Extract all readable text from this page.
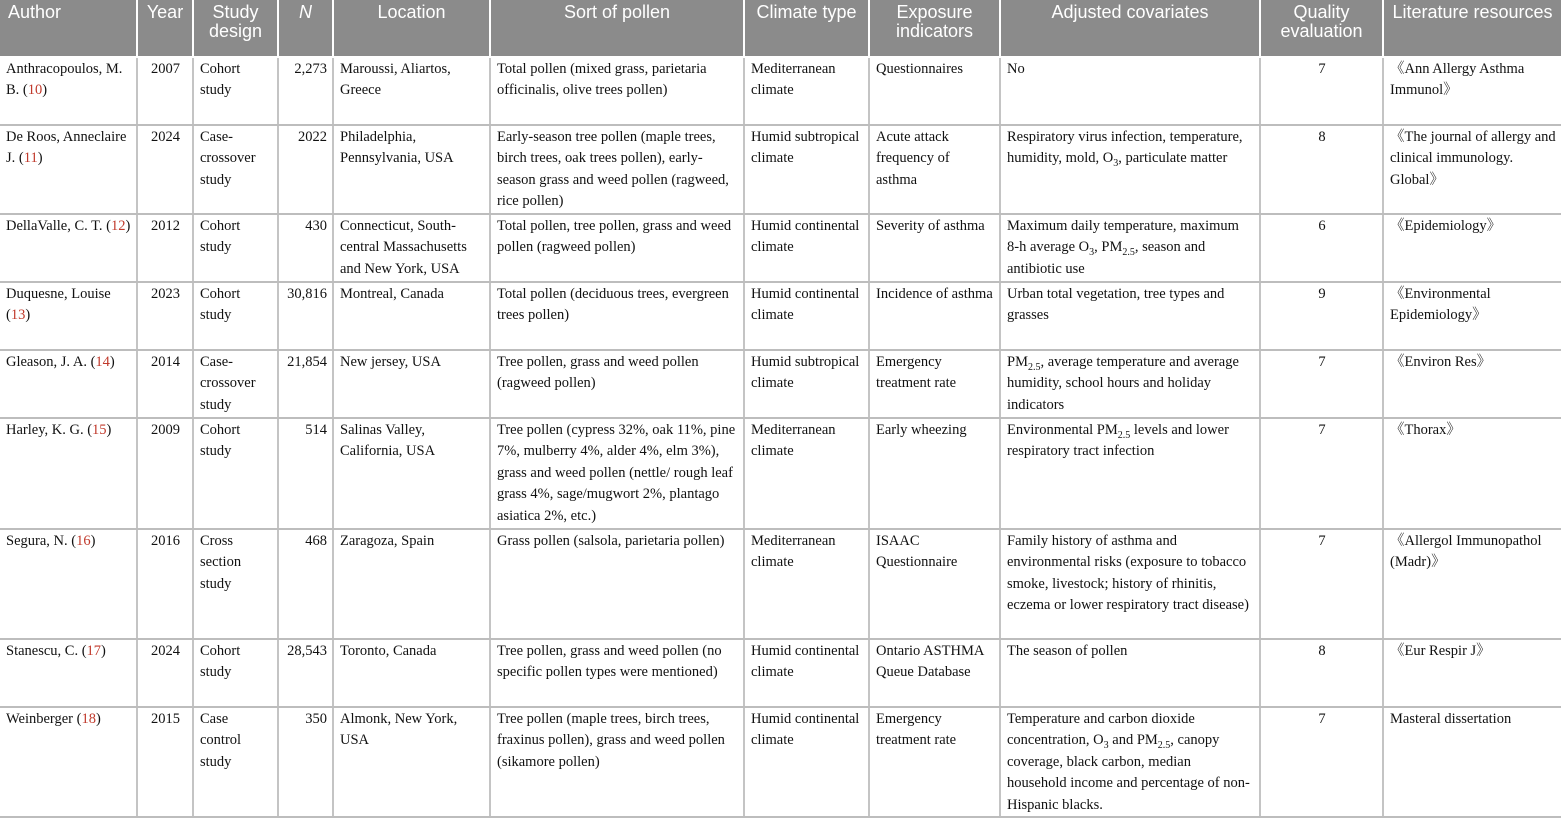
Author	Year	Study design	N	Location	Sort of pollen	Climate type	Exposure indicators	Adjusted covariates	Quality evaluation	Literature resources
Anthracopoulos, M. B. (10)	2007	Cohort study	2,273	Maroussi, Aliartos, Greece	Total pollen (mixed grass, parietaria officinalis, olive trees pollen)	Mediterranean climate	Questionnaires	No	7	《Ann Allergy Asthma Immunol》
De Roos, Anneclaire J. (11)	2024	Case-crossover study	2022	Philadelphia, Pennsylvania, USA	Early-season tree pollen (maple trees, birch trees, oak trees pollen), early-season grass and weed pollen (ragweed, rice pollen)	Humid subtropical climate	Acute attack frequency of asthma	Respiratory virus infection, temperature, humidity, mold, $O_3$, particulate matter	8	《The journal of allergy and clinical immunology. Global》
DellaValle, C. T. (12)	2012	Cohort study	430	Connecticut, South-central Massachusetts and New York, USA	Total pollen, tree pollen, grass and weed pollen (ragweed pollen)	Humid continental climate	Severity of asthma	Maximum daily temperature, maximum 8-h average $O_3$, $PM_{2.5}$, season and antibiotic use	6	《Epidemiology》
Duquesne, Louise (13)	2023	Cohort study	30,816	Montreal, Canada	Total pollen (deciduous trees, evergreen trees pollen)	Humid continental climate	Incidence of asthma	Urban total vegetation, tree types and grasses	9	《Environmental Epidemiology》
Gleason, J. A. (14)	2014	Case-crossover study	21,854	New jersey, USA	Tree pollen, grass and weed pollen (ragweed pollen)	Humid subtropical climate	Emergency treatment rate	$PM_{2.5}$, average temperature and average humidity, school hours and holiday indicators	7	《Environ Res》
Harley, K. G. (15)	2009	Cohort study	514	Salinas Valley, California, USA	Tree pollen (cypress 32%, oak 11%, pine 7%, mulberry 4%, alder 4%, elm 3%), grass and weed pollen (nettle/ rough leaf grass 4%, sage/mugwort 2%, plantago asiatica 2%, etc.)	Mediterranean climate	Early wheezing	Environmental $PM_{2.5}$ levels and lower respiratory tract infection	7	《Thorax》
Segura, N. (16)	2016	Cross section study	468	Zaragoza, Spain	Grass pollen (salsola, parietaria pollen)	Mediterranean climate	ISAAC Questionnaire	Family history of asthma and environmental risks (exposure to tobacco smoke, livestock; history of rhinitis, eczema or lower respiratory tract disease)	7	《Allergol Immunopathol (Madr)》
Stanescu, C. (17)	2024	Cohort study	28,543	Toronto, Canada	Tree pollen, grass and weed pollen (no specific pollen types were mentioned)	Humid continental climate	Ontario ASTHMA Queue Database	The season of pollen	8	《Eur Respir J》
Weinberger (18)	2015	Case control study	350	Almonk, New York, USA	Tree pollen (maple trees, birch trees, fraxinus pollen), grass and weed pollen (sikamore pollen)	Humid continental climate	Emergency treatment rate	Temperature and carbon dioxide concentration, $O_3$ and $PM_{2.5}$, canopy coverage, black carbon, median household income and percentage of non-Hispanic blacks.	7	Masteral dissertation
